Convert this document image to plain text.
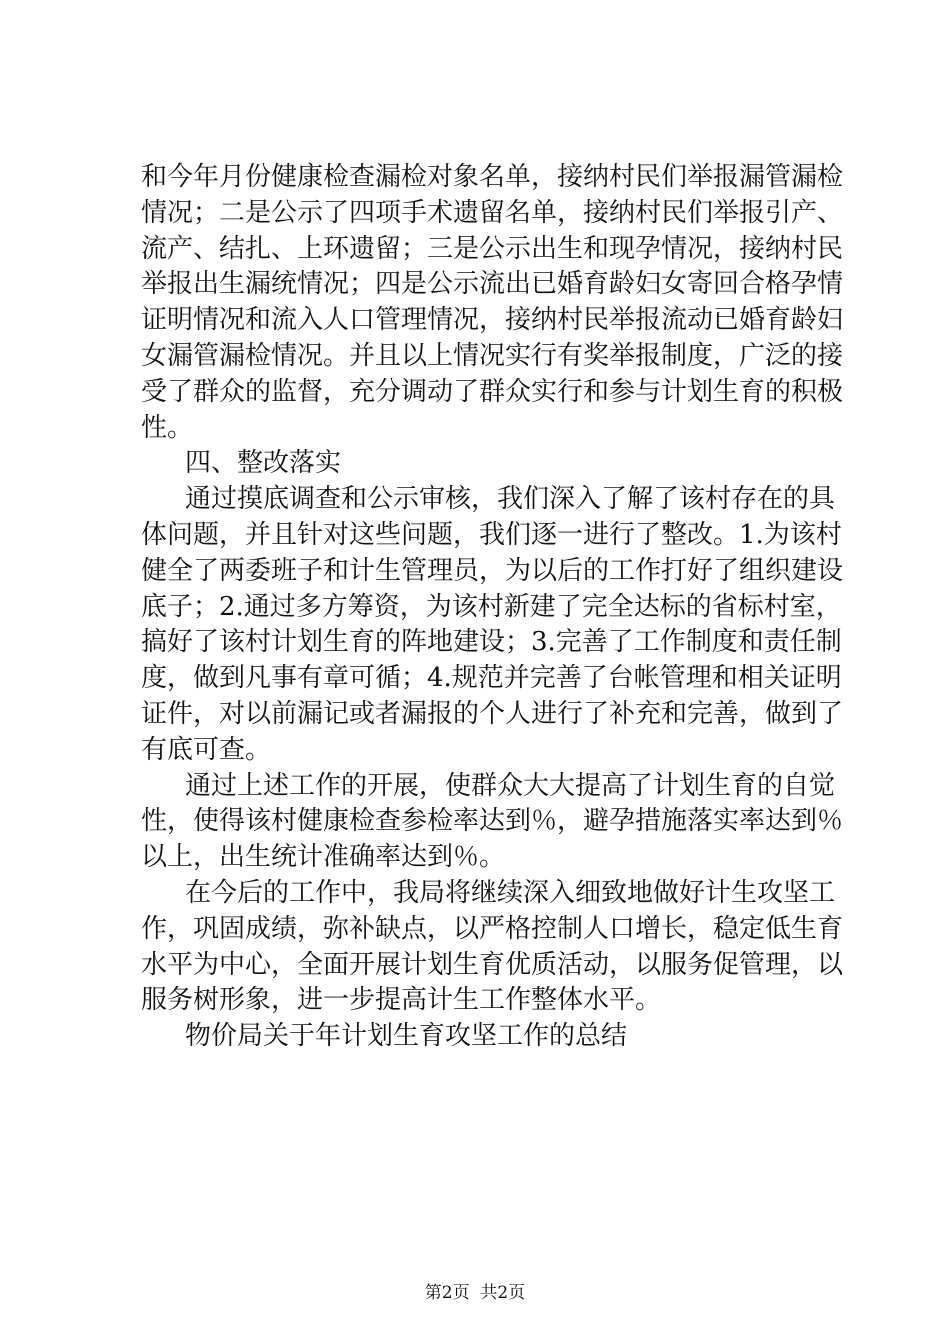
和今年月份健康检查漏检对象名单，接纳村民们举报漏管漏检
情况；二是公示了四项手术遗留名单，接纳村民们举报引产、
流产、结扎、上环遗留；三是公示出生和现孕情况，接纳村民
举报出生漏统情况；四是公示流出已婚育龄妇女寄回合格孕情
证明情况和流入人口管理情况，接纳村民举报流动已婚育龄妇
女漏管漏检情况。并且以上情况实行有奖举报制度，广泛的接
受了群众的监督，充分调动了群众实行和参与计划生育的积极
性。
四、整改落实
通过摸底调查和公示审核，我们深入了解了该村存在的具
体问题，并且针对这些问题，我们逐一进行了整改。1.为该村
健全了两委班子和计生管理员，为以后的工作打好了组织建设
底子；2.通过多方筹资，为该村新建了完全达标的省标村室，
搞好了该村计划生育的阵地建设；3.完善了工作制度和责任制
度，做到凡事有章可循；4.规范并完善了台帐管理和相关证明
证件，对以前漏记或者漏报的个人进行了补充和完善，做到了
有底可查。
通过上述工作的开展，使群众大大提高了计划生育的自觉
性，使得该村健康检查参检率达到％，避孕措施落实率达到％
以上，出生统计准确率达到％。
在今后的工作中，我局将继续深入细致地做好计生攻坚工
作，巩固成绩，弥补缺点，以严格控制人口增长，稳定低生育
水平为中心，全面开展计划生育优质活动，以服务促管理，以
服务树形象，进一步提高计生工作整体水平。
物价局关于年计划生育攻坚工作的总结
第2页  共2页
